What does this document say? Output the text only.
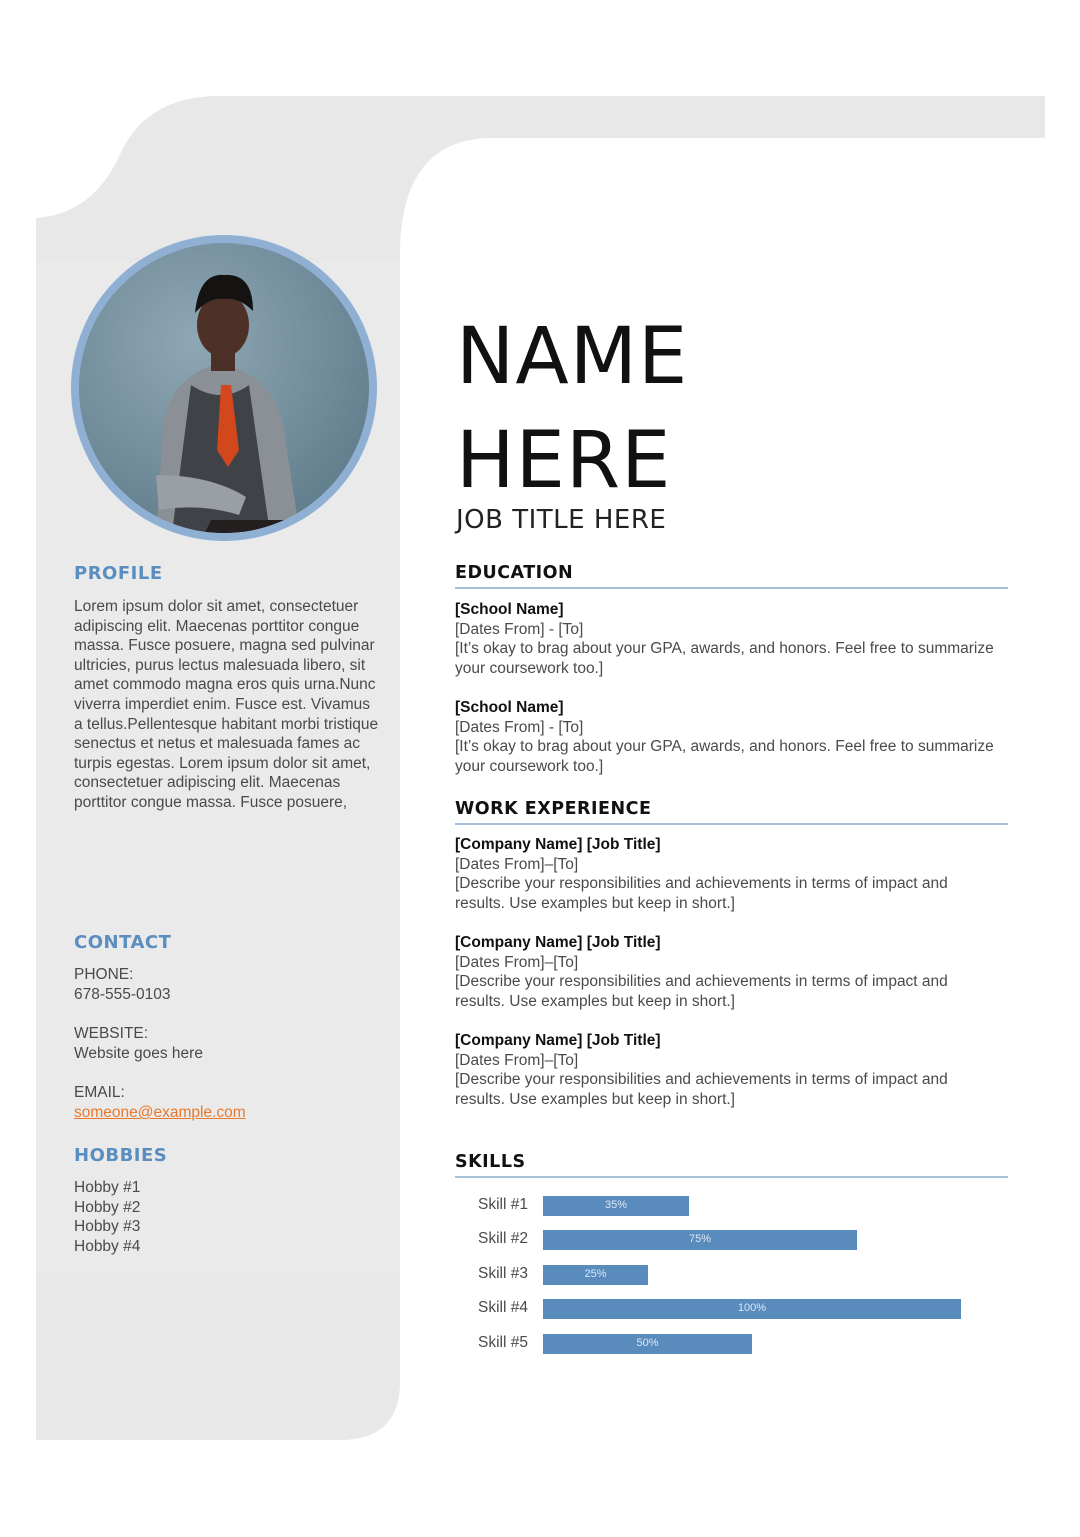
PROFILE
Lorem ipsum dolor sit amet, consectetuer adipiscing elit. Maecenas porttitor congue massa. Fusce posuere, magna sed pulvinar ultricies, purus lectus malesuada libero, sit amet commodo magna eros quis urna.Nunc viverra imperdiet enim. Fusce est. Vivamus a tellus.Pellentesque habitant morbi tristique senectus et netus et malesuada fames ac turpis egestas. Lorem ipsum dolor sit amet, consectetuer adipiscing elit. Maecenas porttitor congue massa. Fusce posuere,
CONTACT
PHONE:
678-555-0103
WEBSITE:
Website goes here
EMAIL:
someone@example.com
HOBBIES
Hobby #1
Hobby #2
Hobby #3
Hobby #4
NAME
HERE
JOB TITLE HERE
EDUCATION
[School Name]
[Dates From] - [To]
[It’s okay to brag about your GPA, awards, and honors. Feel free to summarize your coursework too.]
[School Name]
[Dates From] - [To]
[It’s okay to brag about your GPA, awards, and honors. Feel free to summarize your coursework too.]
WORK EXPERIENCE
[Company Name] [Job Title]
[Dates From]–[To]
[Describe your responsibilities and achievements in terms of impact and results. Use examples but keep in short.]
[Company Name] [Job Title]
[Dates From]–[To]
[Describe your responsibilities and achievements in terms of impact and results. Use examples but keep in short.]
[Company Name] [Job Title]
[Dates From]–[To]
[Describe your responsibilities and achievements in terms of impact and results. Use examples but keep in short.]
SKILLS
Skill #1	35%
Skill #2	75%
Skill #3	25%
Skill #4	100%
Skill #5	50%
